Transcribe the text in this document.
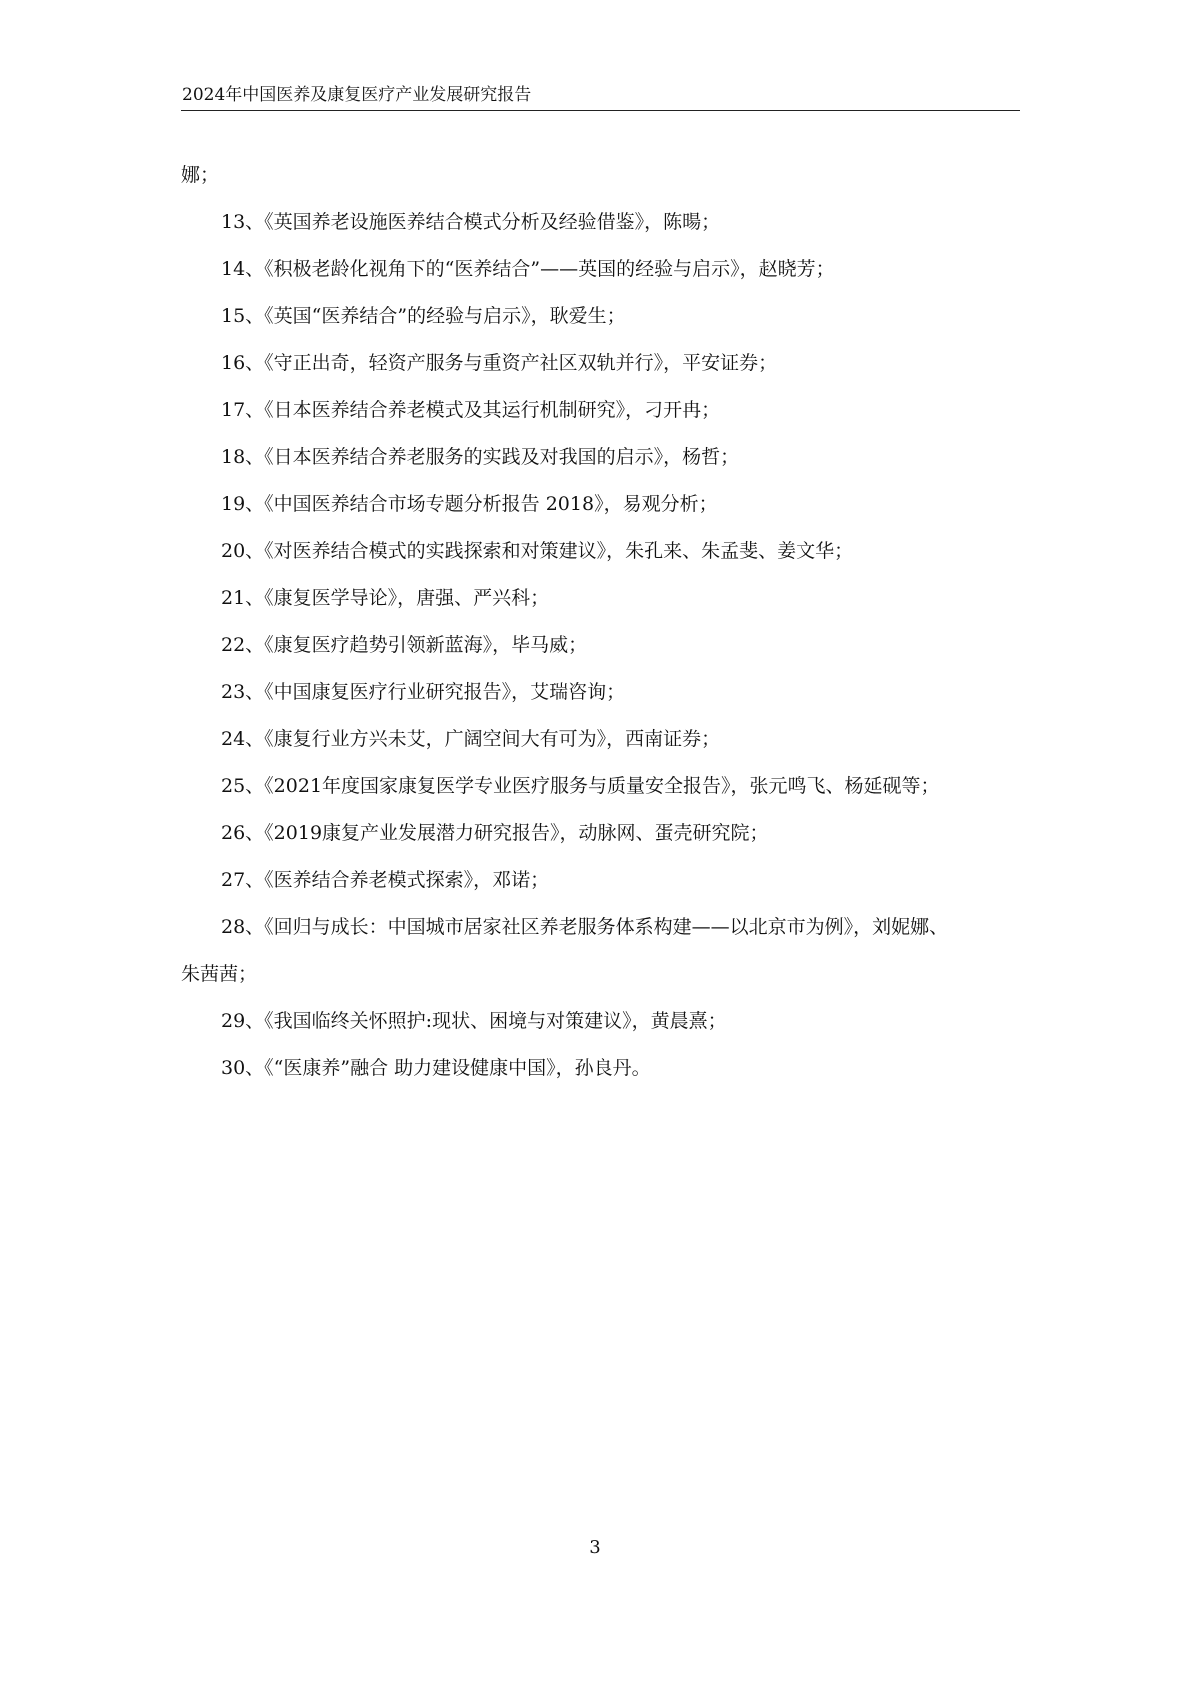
2024年中国医养及康复医疗产业发展研究报告

娜；

13、《英国养老设施医养结合模式分析及经验借鉴》，陈暘；

14、《积极老龄化视角下的“医养结合”——英国的经验与启示》，赵晓芳；

15、《英国“医养结合”的经验与启示》，耿爱生；

16、《守正出奇，轻资产服务与重资产社区双轨并行》，平安证券；

17、《日本医养结合养老模式及其运行机制研究》，刁开冉；

18、《日本医养结合养老服务的实践及对我国的启示》，杨哲；

19、《中国医养结合市场专题分析报告 2018》，易观分析；

20、《对医养结合模式的实践探索和对策建议》，朱孔来、朱孟斐、姜文华；

21、《康复医学导论》，唐强、严兴科；

22、《康复医疗趋势引领新蓝海》，毕马威；

23、《中国康复医疗行业研究报告》，艾瑞咨询；

24、《康复行业方兴未艾，广阔空间大有可为》，西南证券；

25、《2021年度国家康复医学专业医疗服务与质量安全报告》，张元鸣飞、杨延砚等；

26、《2019康复产业发展潜力研究报告》，动脉网、蛋壳研究院；

27、《医养结合养老模式探索》，邓诺；

28、《回归与成长：中国城市居家社区养老服务体系构建——以北京市为例》，刘妮娜、

朱茜茜；

29、《我国临终关怀照护:现状、困境与对策建议》，黄晨熹；

30、《“医康养”融合 助力建设健康中国》，孙良丹。

3
